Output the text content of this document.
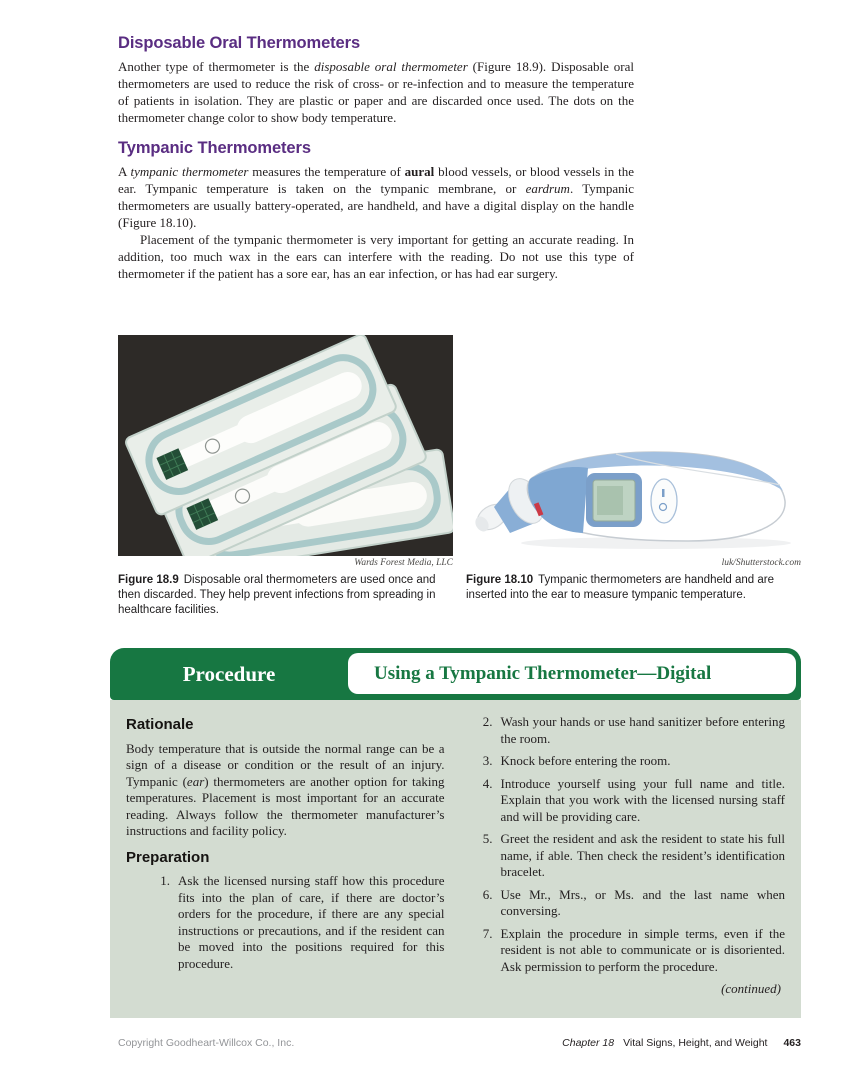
Disposable Oral Thermometers

Another type of thermometer is the disposable oral thermometer (Figure 18.9). Disposable oral thermometers are used to reduce the risk of cross- or re-infection and to measure the temperature of patients in isolation. They are plastic or paper and are discarded once used. The dots on the thermometer change color to show body temperature.

Tympanic Thermometers

A tympanic thermometer measures the temperature of aural blood vessels, or blood vessels in the ear. Tympanic temperature is taken on the tympanic membrane, or eardrum. Tympanic thermometers are usually battery-operated, are handheld, and have a digital display on the handle (Figure 18.10).

Placement of the tympanic thermometer is very important for getting an accurate reading. In addition, too much wax in the ears can interfere with the reading. Do not use this type of thermometer if the patient has a sore ear, has an ear infection, or has had ear surgery.

Wards Forest Media, LLC
Figure 18.9 Disposable oral thermometers are used once and then discarded. They help prevent infections from spreading in healthcare facilities.
luk/Shutterstock.com
Figure 18.10 Tympanic thermometers are handheld and are inserted into the ear to measure tympanic temperature.
Procedure	Using a Tympanic Thermometer—Digital
Rationale

Body temperature that is outside the normal range can be a sign of a disease or condition or the result of an injury. Tympanic (ear) thermometers are another option for taking temperatures. Placement is most important for an accurate reading. Always follow the thermometer manufacturer’s instructions and facility policy.

Preparation
1. Ask the licensed nursing staff how this procedure fits into the plan of care, if there are doctor’s orders for the procedure, if there are any special instructions or precautions, and if the resident can be moved into the positions required for this procedure.
2. Wash your hands or use hand sanitizer before entering the room.
3. Knock before entering the room.
4. Introduce yourself using your full name and title. Explain that you work with the licensed nursing staff and will be providing care.
5. Greet the resident and ask the resident to state his full name, if able. Then check the resident’s identification bracelet.
6. Use Mr., Mrs., or Ms. and the last name when conversing.
7. Explain the procedure in simple terms, even if the resident is not able to communicate or is disoriented. Ask permission to perform the procedure.
(continued)
Copyright Goodheart-Willcox Co., Inc.	Chapter 18 Vital Signs, Height, and Weight 463
